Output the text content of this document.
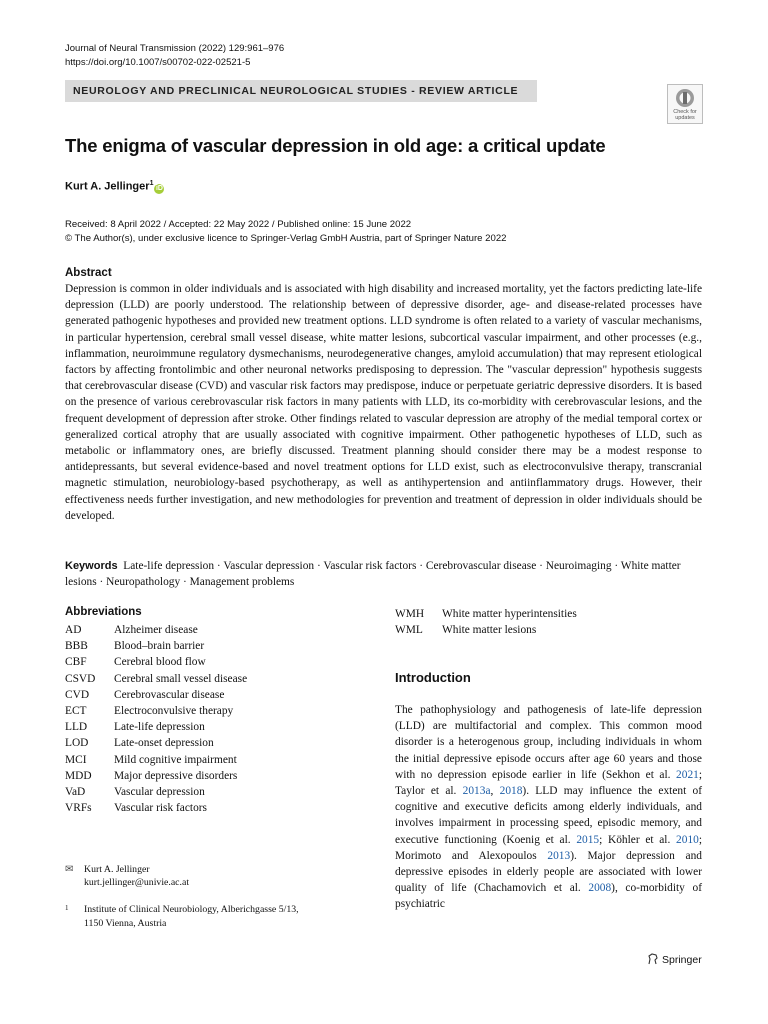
Journal of Neural Transmission (2022) 129:961–976
https://doi.org/10.1007/s00702-022-02521-5
NEUROLOGY AND PRECLINICAL NEUROLOGICAL STUDIES - REVIEW ARTICLE
Check for
updates
The enigma of vascular depression in old age: a critical update
Kurt A. Jellinger$^1$iD
Received: 8 April 2022 / Accepted: 22 May 2022 / Published online: 15 June 2022
© The Author(s), under exclusive licence to Springer-Verlag GmbH Austria, part of Springer Nature 2022
Abstract
Depression is common in older individuals and is associated with high disability and increased mortality, yet the factors predicting late-life depression (LLD) are poorly understood. The relationship between of depressive disorder, age- and disease-related processes have generated pathogenic hypotheses and provided new treatment options. LLD syndrome is often related to a variety of vascular mechanisms, in particular hypertension, cerebral small vessel disease, white matter lesions, subcortical vascular impairment, and other processes (e.g., inflammation, neuroimmune regulatory dysmechanisms, neurodegenerative changes, amyloid accumulation) that may represent etiological factors by affecting frontolimbic and other neuronal networks predisposing to depression. The "vascular depression" hypothesis suggests that cerebrovascular disease (CVD) and vascular risk factors may predispose, induce or perpetuate geriatric depressive disorders. It is based on the presence of various cerebrovascular risk factors in many patients with LLD, its co-morbidity with cerebrovascular lesions, and the frequent development of depression after stroke. Other findings related to vascular depression are atrophy of the medial temporal cortex or generalized cortical atrophy that are usually associated with cognitive impairment. Other pathogenetic hypotheses of LLD, such as metabolic or inflammatory ones, are briefly discussed. Treatment planning should consider there may be a modest response to antidepressants, but several evidence-based and novel treatment options for LLD exist, such as electroconvulsive therapy, transcranial magnetic stimulation, neurobiology-based psychotherapy, as well as antihypertension and antiinflammatory drugs. However, their effectiveness needs further investigation, and new methodologies for prevention and treatment of depression in older individuals should be developed.
Keywords Late-life depression · Vascular depression · Vascular risk factors · Cerebrovascular disease · Neuroimaging · White matter lesions · Neuropathology · Management problems
Abbreviations
AD	Alzheimer disease
BBB	Blood–brain barrier
CBF	Cerebral blood flow
CSVD	Cerebral small vessel disease
CVD	Cerebrovascular disease
ECT	Electroconvulsive therapy
LLD	Late-life depression
LOD	Late-onset depression
MCI	Mild cognitive impairment
MDD	Major depressive disorders
VaD	Vascular depression
VRFs	Vascular risk factors
WMH	White matter hyperintensities
WML	White matter lesions
Introduction
The pathophysiology and pathogenesis of late-life depression (LLD) are multifactorial and complex. This common mood disorder is a heterogenous group, including individuals in whom the initial depressive episode occurs after age 60 years and those with no depression episode earlier in life (Sekhon et al. 2021; Taylor et al. 2013a, 2018). LLD may influence the extent of cognitive and executive deficits among elderly individuals, and involves impairment in processing speed, episodic memory, and executive functioning (Koenig et al. 2015; Köhler et al. 2010; Morimoto and Alexopoulos 2013). Major depression and depressive episodes in elderly people are associated with lower quality of life (Chachamovich et al. 2008), co-morbidity of psychiatric
✉ Kurt A. Jellinger
kurt.jellinger@univie.ac.at
1 Institute of Clinical Neurobiology, Alberichgasse 5/13,
1150 Vienna, Austria
Springer
